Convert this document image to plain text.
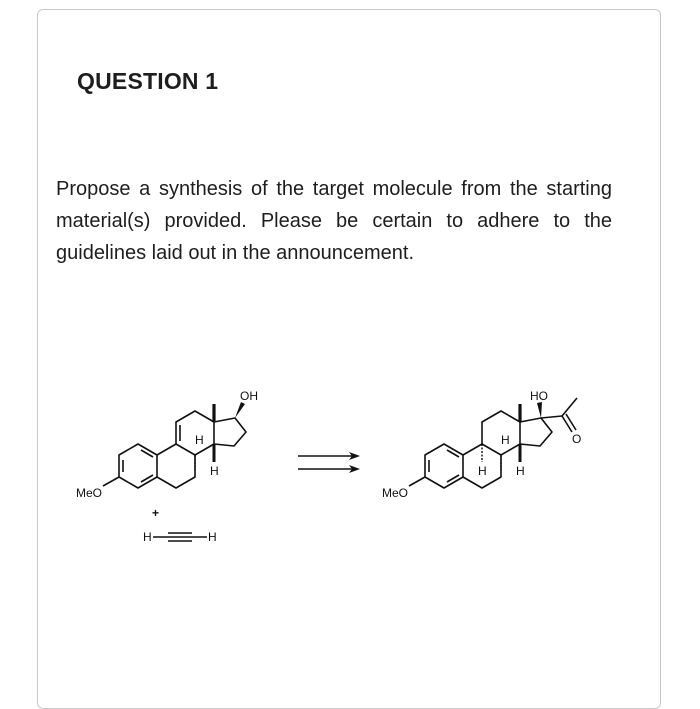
QUESTION 1

Propose a synthesis of the target molecule from the starting material(s) provided. Please be certain to adhere to the guidelines laid out in the announcement.

MeO
OH
H
H
+
H	H
MeO
HO
O
H
H H
